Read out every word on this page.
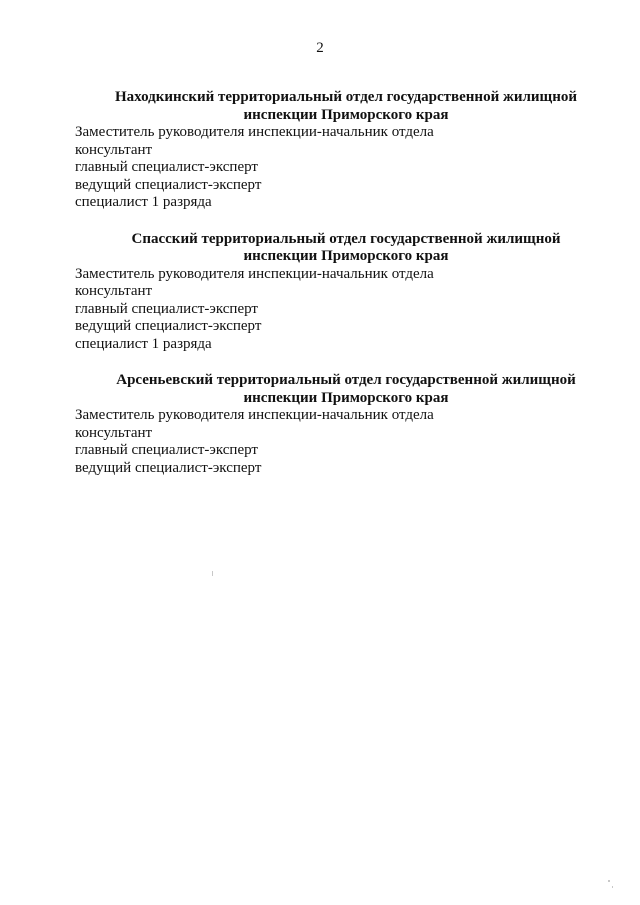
2
Находкинский территориальный отдел государственной жилищной
инспекции Приморского края
Заместитель руководителя инспекции-начальник отдела
консультант
главный специалист-эксперт
ведущий специалист-эксперт
специалист 1 разряда
Спасский территориальный отдел государственной жилищной
инспекции Приморского края
Заместитель руководителя инспекции-начальник отдела
консультант
главный специалист-эксперт
ведущий специалист-эксперт
специалист 1 разряда
Арсеньевский территориальный отдел государственной жилищной
инспекции Приморского края
Заместитель руководителя инспекции-начальник отдела
консультант
главный специалист-эксперт
ведущий специалист-эксперт
